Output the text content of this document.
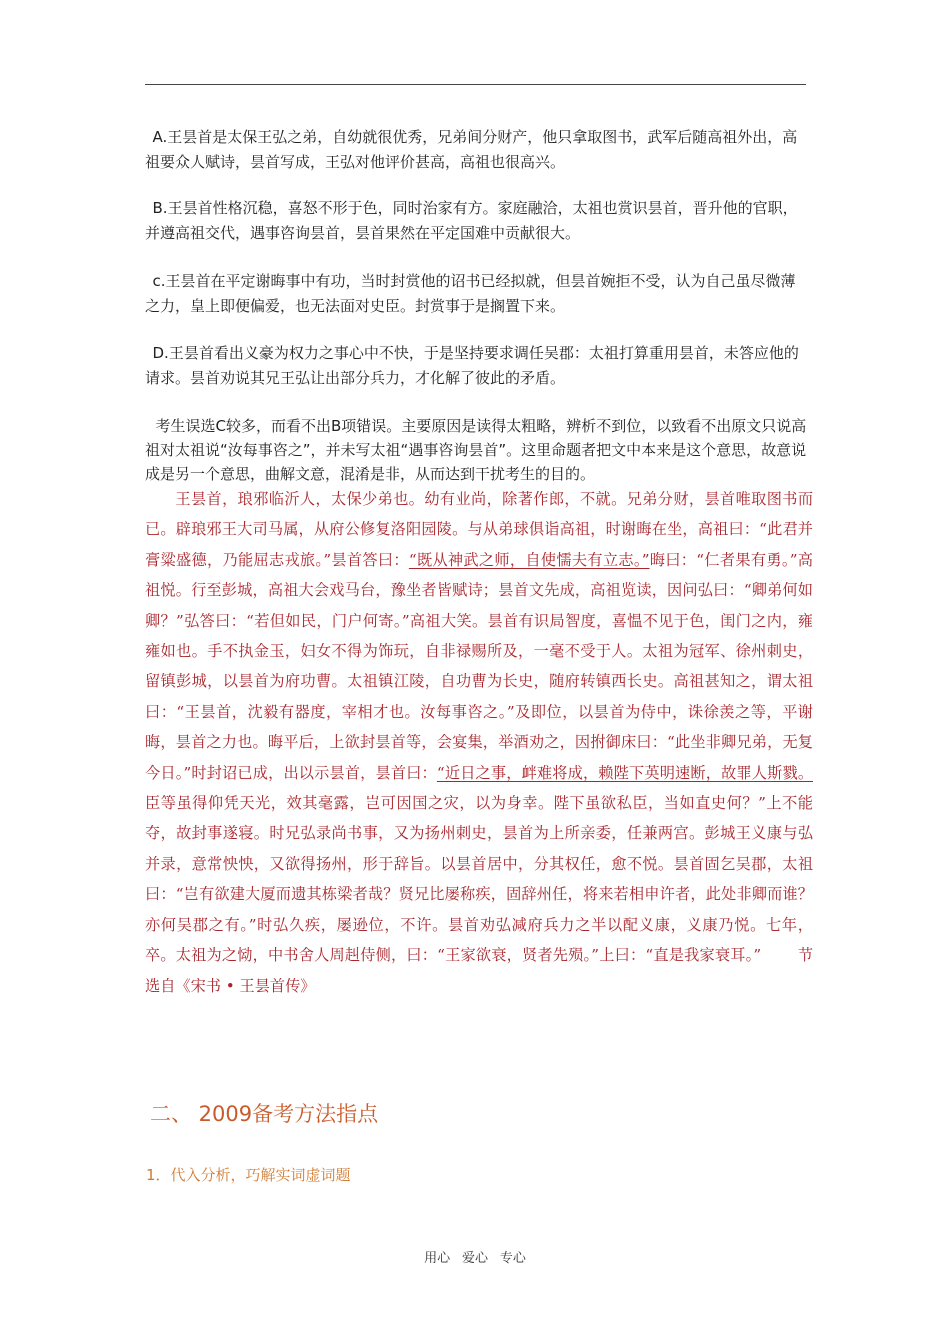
A.王昙首是太保王弘之弟，自幼就很优秀，兄弟间分财产，他只拿取图书，武军后随高祖外出，高祖要众人赋诗，昙首写成，王弘对他评价甚高，高祖也很高兴。
B.王昙首性格沉稳，喜怒不形于色，同时治家有方。家庭融洽，太祖也赏识昙首，晋升他的官职，并遵高祖交代，遇事咨询昙首，昙首果然在平定国难中贡献很大。
c.王昙首在平定谢晦事中有功，当时封赏他的诏书已经拟就，但昙首婉拒不受，认为自己虽尽微薄之力，皇上即便偏爱，也无法面对史臣。封赏事于是搁置下来。
D.王昙首看出义豪为权力之事心中不快，于是坚持要求调任吴郡：太祖打算重用昙首，未答应他的请求。昙首劝说其兄王弘让出部分兵力，才化解了彼此的矛盾。
考生误选C较多，而看不出B项错误。主要原因是读得太粗略，辨析不到位，以致看不出原文只说高祖对太祖说“汝每事咨之”，并未写太祖“遇事咨询昙首”。这里命题者把文中本来是这个意思，故意说成是另一个意思，曲解文意，混淆是非，从而达到干扰考生的目的。
王昙首，琅邪临沂人，太保少弟也。幼有业尚，除著作郎，不就。兄弟分财，昙首唯取图书而已。辟琅邪王大司马属，从府公修复洛阳园陵。与从弟球俱诣高祖，时谢晦在坐，高祖曰：“此君并膏粱盛德，乃能屈志戎旅。”昙首答曰：“既从神武之师，自使懦夫有立志。”晦曰：“仁者果有勇。”高祖悦。行至彭城，高祖大会戏马台，豫坐者皆赋诗；昙首文先成，高祖览读，因问弘曰：“卿弟何如卿？”弘答曰：“若但如民，门户何寄。”高祖大笑。昙首有识局智度，喜愠不见于色，闺门之内，雍雍如也。手不执金玉，妇女不得为饰玩，自非禄赐所及，一毫不受于人。太祖为冠军、徐州刺史，留镇彭城，以昙首为府功曹。太祖镇江陵，自功曹为长史，随府转镇西长史。高祖甚知之，谓太祖曰：“王昙首，沈毅有器度，宰相才也。汝每事咨之。”及即位，以昙首为侍中，诛徐羡之等，平谢晦，昙首之力也。晦平后，上欲封昙首等，会宴集，举酒劝之，因拊御床曰：“此坐非卿兄弟，无复今日。”时封诏已成，出以示昙首，昙首曰：“近日之事，衅难将成，赖陛下英明速断，故罪人斯戮。臣等虽得仰凭天光，效其毫露，岂可因国之灾，以为身幸。陛下虽欲私臣，当如直史何？”上不能夺，故封事遂寝。时兄弘录尚书事，又为扬州刺史，昙首为上所亲委，任兼两宫。彭城王义康与弘并录，意常怏怏，又欲得扬州，形于辞旨。以昙首居中，分其权任，愈不悦。昙首固乞吴郡，太祖曰：“岂有欲建大厦而遗其栋梁者哉？贤兄比屡称疾，固辞州任，将来若相申许者，此处非卿而谁？亦何吴郡之有。”时弘久疾，屡逊位，不许。昙首劝弘减府兵力之半以配义康，义康乃悦。七年，卒。太祖为之恸，中书舍人周赳侍侧，曰：“王家欲衰，贤者先殒。”上曰：“直是我家衰耳。” 节选自《宋书 • 王昙首传》
二、 2009备考方法指点
1．代入分析，巧解实词虚词题
用心 爱心 专心
